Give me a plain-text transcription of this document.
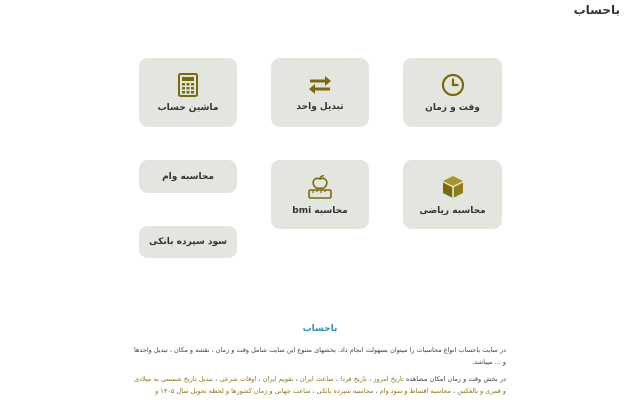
باحساب
وقت و زمان
تبدیل واحد
ماشین حساب
محاسبه ریاضی
محاسبه bmi
محاسبه وام
سود سپرده بانکی
باحساب

در سایت باحساب انواع محاسبات را میتوان بسهولت انجام داد. بخشهای متنوع این سایت شامل وقت و زمان ، نقشه و مکان ، تبدیل واحدها و ... میباشد.

در بخش وقت و زمان امکان مشاهده تاریخ امروز ، تاریخ فردا ، ساعت ایران ، تقویم ایران ، اوقات شرعی ، تبدیل تاریخ شمسی به میلادی و قمری و بالعکس ، محاسبه اقساط و سود وام ، محاسبه سپرده بانکی ، ساعت جهانی و زمان کشورها و لحظه تحویل سال ۱۴۰۵ و
